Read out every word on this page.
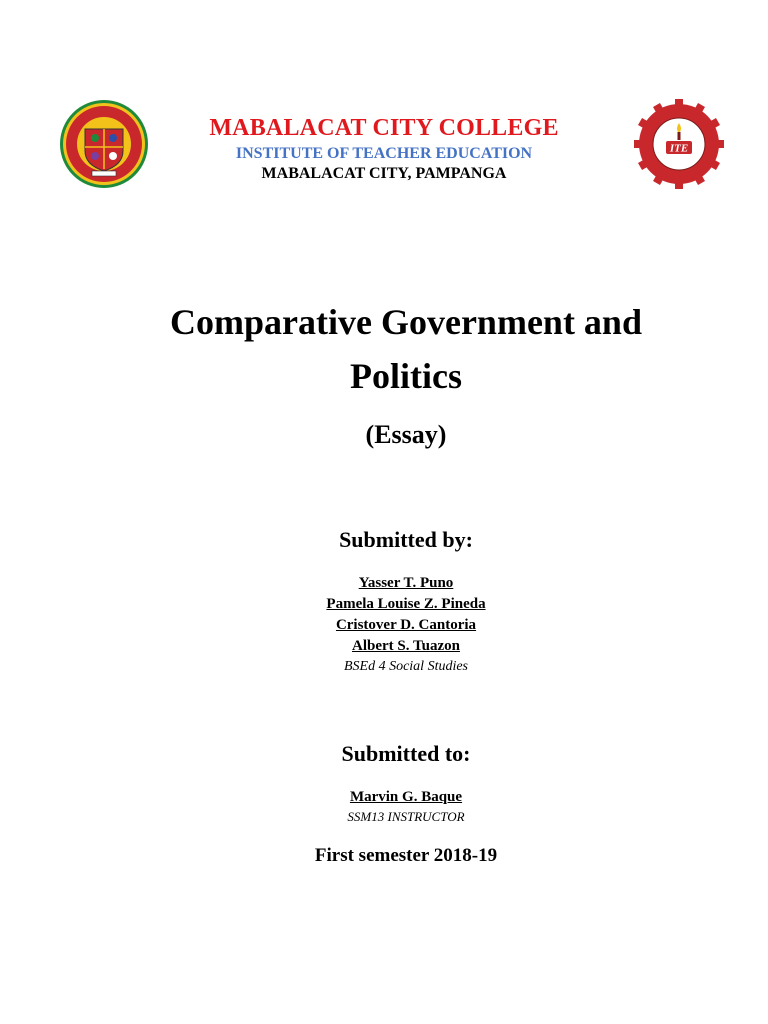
ITE
MABALACAT CITY COLLEGE
INSTITUTE OF TEACHER EDUCATION
MABALACAT CITY, PAMPANGA
Comparative Government and Politics
(Essay)
Submitted by:
Yasser T. Puno
Pamela Louise Z. Pineda
Cristover D. Cantoria
Albert S. Tuazon
BSEd 4 Social Studies
Submitted to:
Marvin G. Baque
SSM13 INSTRUCTOR
First semester 2018-19
